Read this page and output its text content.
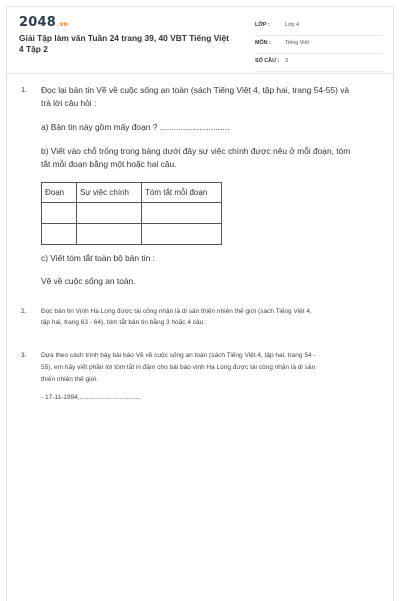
2048.vn
Giải Tập làm văn Tuần 24 trang 39, 40 VBT Tiếng Việt 4 Tập 2
LỚP :	Lớp 4
MÔN :	Tiếng Việt
SỐ CÂU : 3
1. Đọc lại bản tin Vẽ về cuộc sống an toàn (sách Tiếng Việt 4, tập hai, trang 54-55) và
trả lời câu hỏi :
a) Bản tin này gồm mấy đoạn ? ..............................
b) Viết vào chỗ trống trong bảng dưới đây sự việc chính được nêu ở mỗi đoạn, tóm
tắt mỗi đoạn bằng một hoặc hai câu.
Đoạn	Sự việc chính	Tóm tắt mỗi đoạn

c) Viết tóm tắt toàn bộ bản tin :
Vẽ về cuộc sống an toàn.
2. Đọc bản tin Vịnh Hạ Long được tái công nhận là di sản thiên nhiên thế giới (sách Tiếng Việt 4,
tập hai, trang 63 - 64), tóm tắt bản tin bằng 3 hoặc 4 câu :
3. Dựa theo cách trình bày bài báo Vẽ về cuộc sống an toàn (sách Tiếng Việt 4, tập hai, trang 54 -
55), em hãy viết phần lời tóm tắt in đậm cho bài báo vịnh Hạ Long được tái công nhận là di sản
thiên nhiên thế giới.
- 17-11-1994,..................................
